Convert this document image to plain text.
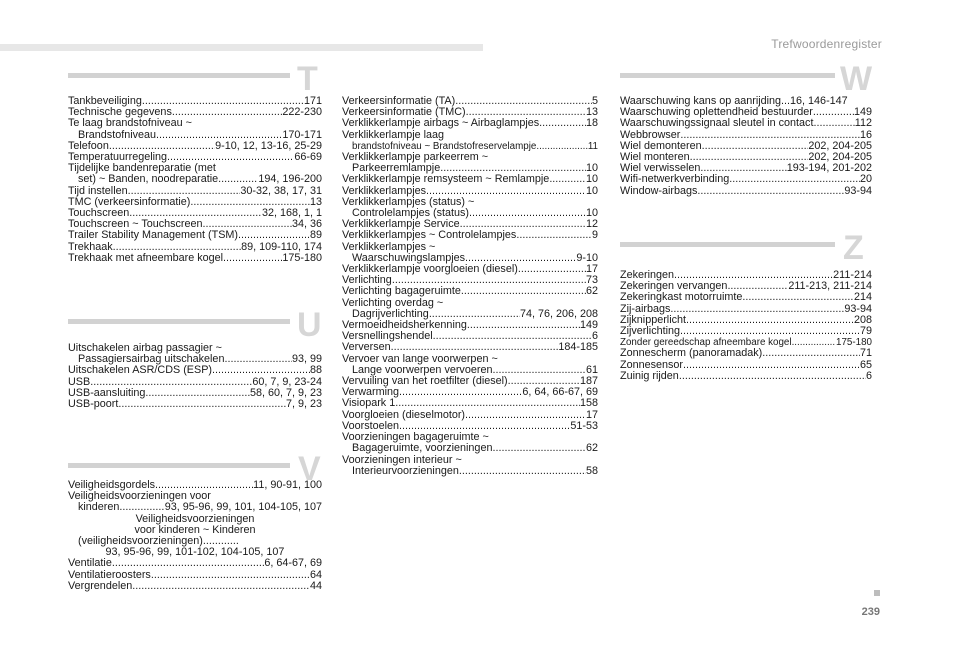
Trefwoordenregister
T
Tankbeveiliging .....	171
Technische gegevens .....	222-230
Te laag brandstofniveau ~
Brandstofniveau .....	170-171
Telefoon .....	9-10, 12, 13-16, 25-29
Temperatuurregeling .....	66-69
Tijdelijke bandenreparatie (met
set) ~ Banden, noodreparatie .....	194, 196-200
Tijd instellen .....	30-32, 38, 17, 31
TMC (verkeersinformatie) .....	13
Touchscreen .....	32, 168, 1, 1
Touchscreen ~ Touchscreen .....	34, 36
Trailer Stability Management (TSM) .....	89
Trekhaak .....	89, 109-110, 174
Trekhaak met afneembare kogel .....	175-180
U
Uitschakelen airbag passagier ~
Passagiersairbag uitschakelen .....	93, 99
Uitschakelen ASR/CDS (ESP) .....	88
USB .....	60, 7, 9, 23-24
USB-aansluiting .....	58, 60, 7, 9, 23
USB-poort .....	7, 9, 23
V
Veiligheidsgordels .....	11, 90-91, 100
Veiligheidsvoorzieningen voor
kinderen .....	93, 95-96, 99, 101, 104-105, 107
Veiligheidsvoorzieningen
voor kinderen ~ Kinderen
(veiligheidsvoorzieningen)............
93, 95-96, 99, 101-102, 104-105, 107
Ventilatie .....	6, 64-67, 69
Ventilatieroosters .....	64
Vergrendelen .....	44
Verkeersinformatie (TA) .....	5
Verkeersinformatie (TMC) .....	13
Verklikkerlampje airbags ~ Airbaglampjes .....	18
Verklikkerlampje laag
brandstofniveau ~ Brandstofreservelampje .....	11
Verklikkerlampje parkeerrem ~
Parkeerremlampje .....	10
Verklikkerlampje remsysteem ~ Remlampje .....	10
Verklikkerlampjes .....	10
Verklikkerlampjes (status) ~
Controlelampjes (status) .....	10
Verklikkerlampje Service .....	12
Verklikkerlampjes ~ Controlelampjes .....	9
Verklikkerlampjes ~
Waarschuwingslampjes .....	9-10
Verklikkerlampje voorgloeien (diesel) .....	17
Verlichting .....	73
Verlichting bagageruimte .....	62
Verlichting overdag ~
Dagrijverlichting .....	74, 76, 206, 208
Vermoeidheidsherkenning .....	149
Versnellingshendel .....	6
Verversen .....	184-185
Vervoer van lange voorwerpen ~
Lange voorwerpen vervoeren .....	61
Vervuiling van het roetfilter (diesel) .....	187
Verwarming .....	6, 64, 66-67, 69
Visiopark 1 .....	158
Voorgloeien (dieselmotor) .....	17
Voorstoelen .....	51-53
Voorzieningen bagageruimte ~
Bagageruimte, voorzieningen .....	62
Voorzieningen interieur ~
Interieurvoorzieningen .....	58
W
Waarschuwing kans op aanrijding...16, 146-147
Waarschuwing oplettendheid bestuurder .....	149
Waarschuwingssignaal sleutel in contact .....	112
Webbrowser .....	16
Wiel demonteren .....	202, 204-205
Wiel monteren .....	202, 204-205
Wiel verwisselen .....	193-194, 201-202
Wifi-netwerkverbinding .....	20
Window-airbags .....	93-94
Z
Zekeringen .....	211-214
Zekeringen vervangen .....	211-213, 211-214
Zekeringkast motorruimte .....	214
Zij-airbags .....	93-94
Zijknipperlicht .....	208
Zijverlichting .....	79
Zonder gereedschap afneembare kogel .....	175-180
Zonnescherm (panoramadak) .....	71
Zonnesensor .....	65
Zuinig rijden .....	6
239
